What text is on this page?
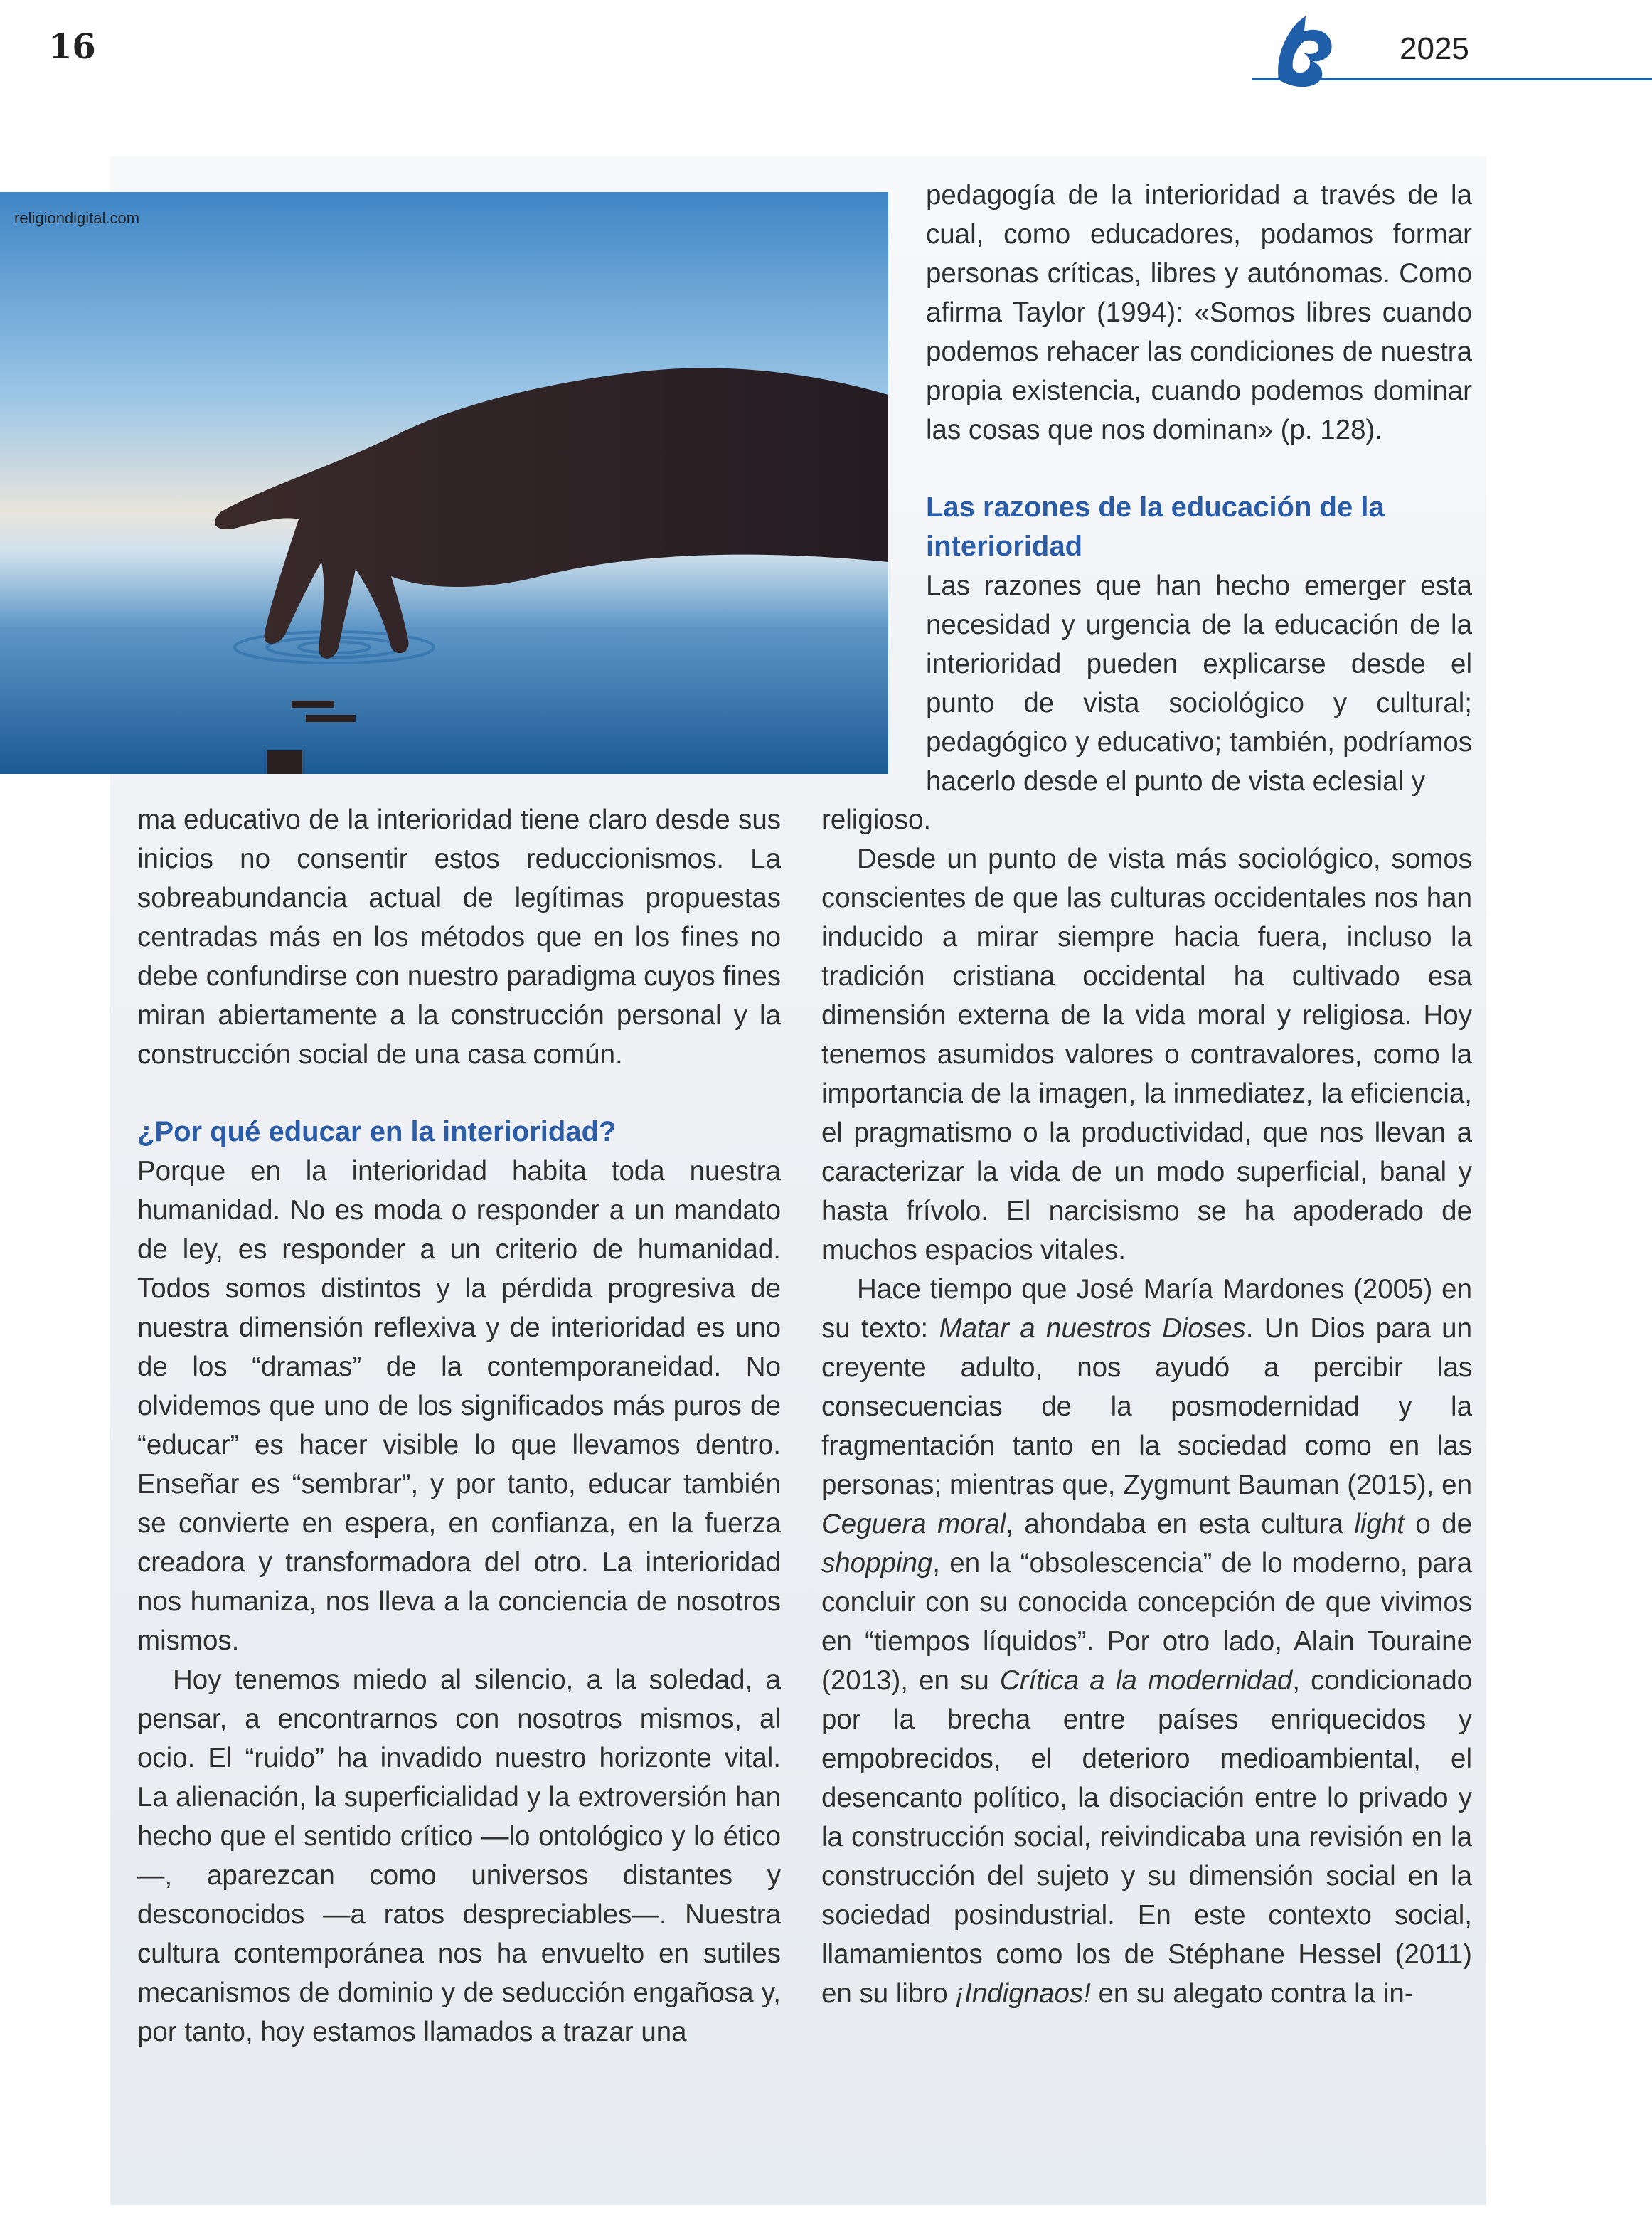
16	2025
religiondigital.com

pedagogía de la interioridad a través de la cual, como educadores, podamos formar personas críticas, libres y autónomas. Como afirma Taylor (1994): «Somos libres cuando podemos rehacer las condiciones de nuestra propia existencia, cuando podemos dominar las cosas que nos dominan» (p. 128).

Las razones de la educación de la interioridad

Las razones que han hecho emerger esta necesidad y urgencia de la educación de la interioridad pueden explicarse desde el punto de vista sociológico y cultural; pedagógico y educativo; también, podríamos hacerlo desde el punto de vista eclesial y

ma educativo de la interioridad tiene claro desde sus inicios no consentir estos reduccionismos. La sobreabundancia actual de legítimas propuestas centradas más en los métodos que en los fines no debe confundirse con nuestro paradigma cuyos fines miran abiertamente a la construcción personal y la construcción social de una casa común.

¿Por qué educar en la interioridad?

Porque en la interioridad habita toda nuestra humanidad. No es moda o responder a un mandato de ley, es responder a un criterio de humanidad. Todos somos distintos y la pérdida progresiva de nuestra dimensión reflexiva y de interioridad es uno de los “dramas” de la contemporaneidad. No olvidemos que uno de los significados más puros de “educar” es hacer visible lo que llevamos dentro. Enseñar es “sembrar”, y por tanto, educar también se convierte en espera, en confianza, en la fuerza creadora y transformadora del otro. La interioridad nos humaniza, nos lleva a la conciencia de nosotros mismos.

Hoy tenemos miedo al silencio, a la soledad, a pensar, a encontrarnos con nosotros mismos, al ocio. El “ruido” ha invadido nuestro horizonte vital. La alienación, la superficialidad y la extroversión han hecho que el sentido crítico —lo ontológico y lo ético—, aparezcan como universos distantes y desconocidos —a ratos despreciables—. Nuestra cultura contemporánea nos ha envuelto en sutiles mecanismos de dominio y de seducción engañosa y, por tanto, hoy estamos llamados a trazar una

religioso.

Desde un punto de vista más sociológico, somos conscientes de que las culturas occidentales nos han inducido a mirar siempre hacia fuera, incluso la tradición cristiana occidental ha cultivado esa dimensión externa de la vida moral y religiosa. Hoy tenemos asumidos valores o contravalores, como la importancia de la imagen, la inmediatez, la eficiencia, el pragmatismo o la productividad, que nos llevan a caracterizar la vida de un modo superficial, banal y hasta frívolo. El narcisismo se ha apoderado de muchos espacios vitales.

Hace tiempo que José María Mardones (2005) en su texto: Matar a nuestros Dioses. Un Dios para un creyente adulto, nos ayudó a percibir las consecuencias de la posmodernidad y la fragmentación tanto en la sociedad como en las personas; mientras que, Zygmunt Bauman (2015), en Ceguera moral, ahondaba en esta cultura light o de shopping, en la “obsolescencia” de lo moderno, para concluir con su conocida concepción de que vivimos en “tiempos líquidos”. Por otro lado, Alain Touraine (2013), en su Crítica a la modernidad, condicionado por la brecha entre países enriquecidos y empobrecidos, el deterioro medioambiental, el desencanto político, la disociación entre lo privado y la construcción social, reivindicaba una revisión en la construcción del sujeto y su dimensión social en la sociedad posindustrial. En este contexto social, llamamientos como los de Stéphane Hessel (2011) en su libro ¡Indignaos! en su alegato contra la in-
